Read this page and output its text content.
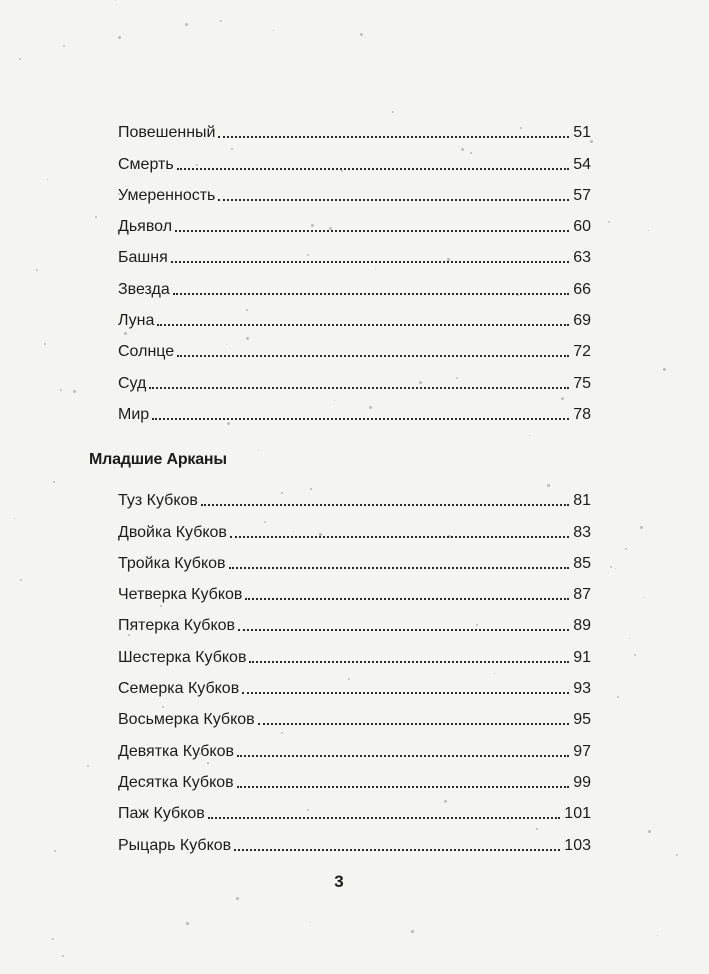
Повешенный	51
Смерть	54
Умеренность	57
Дьявол	60
Башня	63
Звезда	66
Луна	69
Солнце	72
Суд	75
Мир	78
Младшие Арканы
Туз Кубков	81
Двойка Кубков	83
Тройка Кубков	85
Четверка Кубков	87
Пятерка Кубков	89
Шестерка Кубков	91
Семерка Кубков	93
Восьмерка Кубков	95
Девятка Кубков	97
Десятка Кубков	99
Паж Кубков	101
Рыцарь Кубков	103
3
